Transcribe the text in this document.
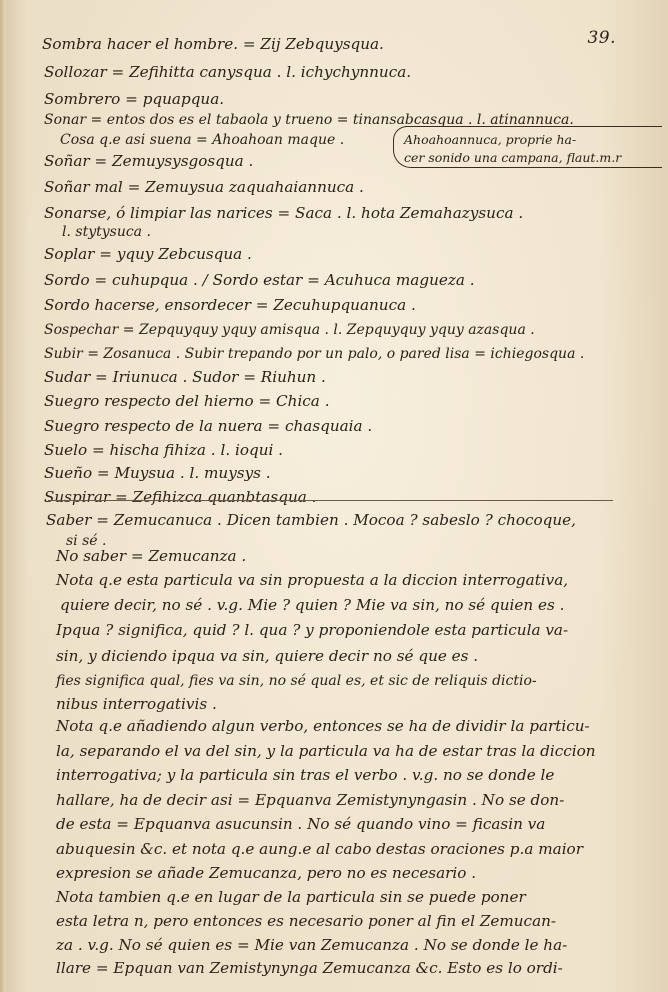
39.
Sombra hacer el hombre. = Zij Zebquysqua.
Sollozar = Zefihitta canysqua . l. ichychynnuca.
Sombrero = pquapqua.
Sonar = entos dos es el tabaola y trueno = tinansabcasqua . l. atinannuca.
Cosa q.e asi suena = Ahoahoan maque .
Soñar = Zemuysysgosqua .
Ahoahoannuca, proprie ha-
cer sonido una campana, flaut.m.r
Soñar mal = Zemuysua zaquahaiannuca .
Sonarse, ó limpiar las narices = Saca . l. hota Zemahazysuca .
l. stytysuca .
Soplar = yquy Zebcusqua .
Sordo = cuhupqua . / Sordo estar = Acuhuca magueza .
Sordo hacerse, ensordecer = Zecuhupquanuca .
Sospechar = Zepquyquy yquy amisqua . l. Zepquyquy yquy azasqua .
Subir = Zosanuca . Subir trepando por un palo, o pared lisa = ichiegosqua .
Sudar = Iriunuca . Sudor = Riuhun .
Suegro respecto del hierno = Chica .
Suegro respecto de la nuera = chasquaia .
Suelo = hischa fihiza . l. ioqui .
Sueño = Muysua . l. muysys .
Suspirar = Zefihizca quanbtasqua .
Saber = Zemucanuca . Dicen tambien . Mocoa ? sabeslo ? chocoque,
si sé .
No saber = Zemucanza .
Nota q.e esta particula va sin propuesta a la diccion interrogativa,
quiere decir, no sé . v.g. Mie ? quien ? Mie va sin, no sé quien es .
Ipqua ? significa, quid ? l. qua ? y proponiendole esta particula va-
sin, y diciendo ipqua va sin, quiere decir no sé que es .
fies significa qual, fies va sin, no sé qual es, et sic de reliquis dictio-
nibus interrogativis .
Nota q.e añadiendo algun verbo, entonces se ha de dividir la particu-
la, separando el va del sin, y la particula va ha de estar tras la diccion
interrogativa; y la particula sin tras el verbo . v.g. no se donde le
hallare, ha de decir asi = Epquanva Zemistynyngasin . No se don-
de esta = Epquanva asucunsin . No sé quando vino = ficasin va
abuquesin &c. et nota q.e aung.e al cabo destas oraciones p.a maior
expresion se añade Zemucanza, pero no es necesario .
Nota tambien q.e en lugar de la particula sin se puede poner
esta letra n, pero entonces es necesario poner al fin el Zemucan-
za . v.g. No sé quien es = Mie van Zemucanza . No se donde le ha-
llare = Epquan van Zemistynynga Zemucanza &c. Esto es lo ordi-
